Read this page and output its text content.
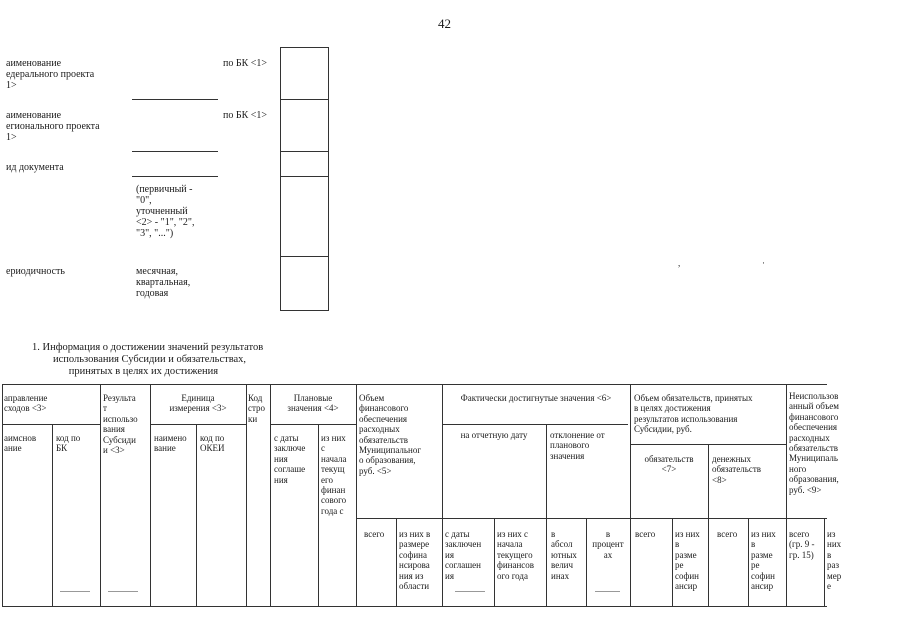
42
аименование
едерального проекта
1>
по БК <1>
аименование
егионального проекта
1>
по БК <1>
ид документа
(первичный -
"0",
уточненный
<2> - "1", "2",
"3", "...")
ериодичность	месячная,
квартальная,
годовая
,	·
1. Информация о достижении значений результатов
использования Субсидии и обязательствах,
принятых в целях их достижения
аправление
сходов <3>
аимснов
ание
код по
БК
Результа
т
использо
вания
Субсиди
и <3>
Единица
измерения <3>
наимено
вание
код по
ОКЕИ
Код
стро
ки
Плановые
значения <4>
с даты
заключе
ния
соглаше
ния
из них
с
начала
текущ
его
финан
сового
года с
Объем
финансового
обеспечения
расходных
обязательств
Муниципальног
о образования,
руб. <5>
всего из них в
размере
софина
нсирова
ния из
области
Фактически достигнутые значения <6>
на отчетную дату
с даты
заключен
ия
соглашен
ия
из них с
начала
текущего
финансов
ого года
отклонение от
планового
значения
в
абсол
ютных
велич
инах
в
процент
ах
Объем обязательств, принятых
в целях достижения
результатов использования
Субсидии, руб.
обязательств
<7>
всего из них
в
разме
ре
софин
ансир
денежных
обязательств
<8>
всего из них
в
разме
ре
софин
ансир
Неиспользов
анный объем
финансового
обеспечения
расходных
обязательств
Муниципаль
ного
образования,
руб. <9>
всего
(гр. 9 -
гр. 15)
из
них
в
раз
мер
е
